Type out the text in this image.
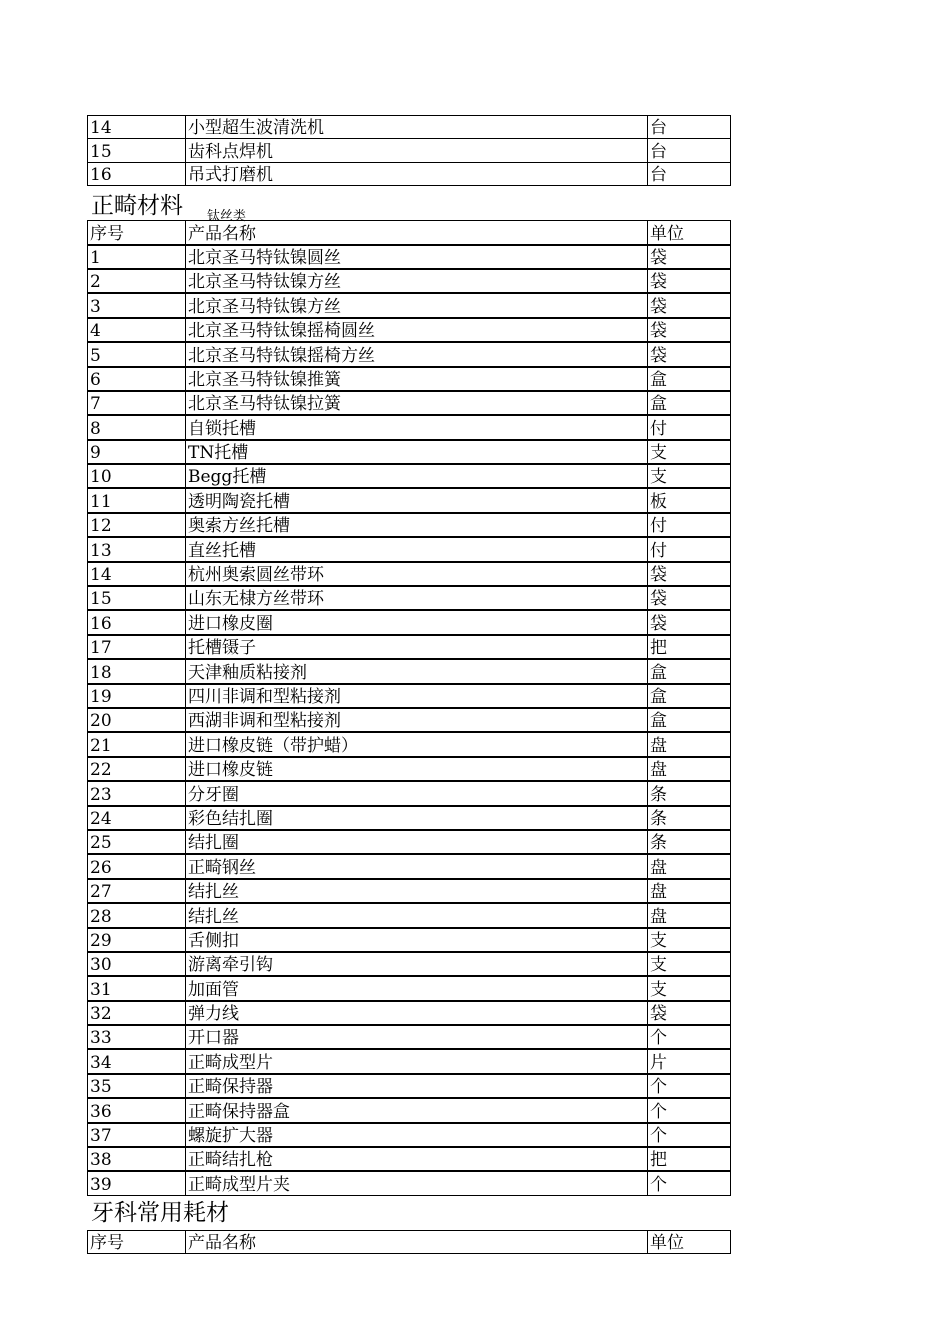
14	小型超生波清洗机	台
15	齿科点焊机	台
16	吊式打磨机	台
正畸材料 钛丝类
序号	产品名称	单位
1	北京圣马特钛镍圆丝	袋
2	北京圣马特钛镍方丝	袋
3	北京圣马特钛镍方丝	袋
4	北京圣马特钛镍摇椅圆丝	袋
5	北京圣马特钛镍摇椅方丝	袋
6	北京圣马特钛镍推簧	盒
7	北京圣马特钛镍拉簧	盒
8	自锁托槽	付
9	TN托槽	支
10	Begg托槽	支
11	透明陶瓷托槽	板
12	奥索方丝托槽	付
13	直丝托槽	付
14	杭州奥索圆丝带环	袋
15	山东无棣方丝带环	袋
16	进口橡皮圈	袋
17	托槽镊子	把
18	天津釉质粘接剂	盒
19	四川非调和型粘接剂	盒
20	西湖非调和型粘接剂	盒
21	进口橡皮链（带护蜡）	盘
22	进口橡皮链	盘
23	分牙圈	条
24	彩色结扎圈	条
25	结扎圈	条
26	正畸钢丝	盘
27	结扎丝	盘
28	结扎丝	盘
29	舌侧扣	支
30	游离牵引钩	支
31	加面管	支
32	弹力线	袋
33	开口器	个
34	正畸成型片	片
35	正畸保持器	个
36	正畸保持器盒	个
37	螺旋扩大器	个
38	正畸结扎枪	把
39	正畸成型片夹	个
牙科常用耗材
序号	产品名称	单位
